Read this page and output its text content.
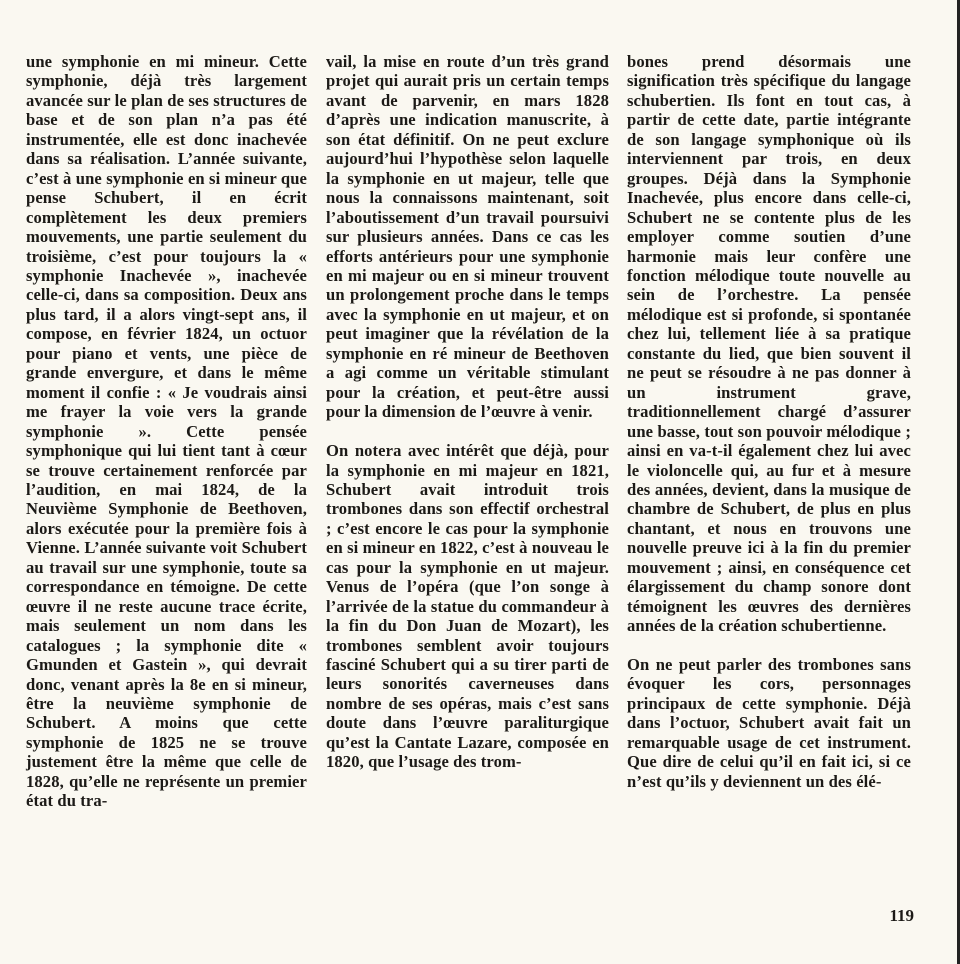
une symphonie en mi mineur. Cette symphonie, déjà très largement avancée sur le plan de ses structures de base et de son plan n’a pas été instrumentée, elle est donc inachevée dans sa réalisation. L’année suivante, c’est à une symphonie en si mineur que pense Schubert, il en écrit complètement les deux premiers mouvements, une partie seulement du troisième, c’est pour toujours la « symphonie Inachevée », inachevée celle-ci, dans sa composition. Deux ans plus tard, il a alors vingt-sept ans, il compose, en février 1824, un octuor pour piano et vents, une pièce de grande envergure, et dans le même moment il confie : « Je voudrais ainsi me frayer la voie vers la grande symphonie ». Cette pensée symphonique qui lui tient tant à cœur se trouve certainement renforcée par l’audition, en mai 1824, de la Neuvième Symphonie de Beethoven, alors exécutée pour la première fois à Vienne. L’année suivante voit Schubert au travail sur une symphonie, toute sa correspondance en témoigne. De cette œuvre il ne reste aucune trace écrite, mais seulement un nom dans les catalogues ; la symphonie dite « Gmunden et Gastein », qui devrait donc, venant après la 8e en si mineur, être la neuvième symphonie de Schubert. A moins que cette symphonie de 1825 ne se trouve justement être la même que celle de 1828, qu’elle ne représente un premier état du tra-

vail, la mise en route d’un très grand projet qui aurait pris un certain temps avant de parvenir, en mars 1828 d’après une indication manuscrite, à son état définitif. On ne peut exclure aujourd’hui l’hypothèse selon laquelle la symphonie en ut majeur, telle que nous la connaissons maintenant, soit l’aboutissement d’un travail poursuivi sur plusieurs années. Dans ce cas les efforts antérieurs pour une symphonie en mi majeur ou en si mineur trouvent un prolongement proche dans le temps avec la symphonie en ut majeur, et on peut imaginer que la révélation de la symphonie en ré mineur de Beethoven a agi comme un véritable stimulant pour la création, et peut-être aussi pour la dimension de l’œuvre à venir.

On notera avec intérêt que déjà, pour la symphonie en mi majeur en 1821, Schubert avait introduit trois trombones dans son effectif orchestral ; c’est encore le cas pour la symphonie en si mineur en 1822, c’est à nouveau le cas pour la symphonie en ut majeur. Venus de l’opéra (que l’on songe à l’arrivée de la statue du commandeur à la fin du Don Juan de Mozart), les trombones semblent avoir toujours fasciné Schubert qui a su tirer parti de leurs sonorités caverneuses dans nombre de ses opéras, mais c’est sans doute dans l’œuvre paraliturgique qu’est la Cantate Lazare, composée en 1820, que l’usage des trom-

bones prend désormais une signification très spécifique du langage schubertien. Ils font en tout cas, à partir de cette date, partie intégrante de son langage symphonique où ils interviennent par trois, en deux groupes. Déjà dans la Symphonie Inachevée, plus encore dans celle-ci, Schubert ne se contente plus de les employer comme soutien d’une harmonie mais leur confère une fonction mélodique toute nouvelle au sein de l’orchestre. La pensée mélodique est si profonde, si spontanée chez lui, tellement liée à sa pratique constante du lied, que bien souvent il ne peut se résoudre à ne pas donner à un instrument grave, traditionnellement chargé d’assurer une basse, tout son pouvoir mélodique ; ainsi en va-t-il également chez lui avec le violoncelle qui, au fur et à mesure des années, devient, dans la musique de chambre de Schubert, de plus en plus chantant, et nous en trouvons une nouvelle preuve ici à la fin du premier mouvement ; ainsi, en conséquence cet élargissement du champ sonore dont témoignent les œuvres des dernières années de la création schubertienne.

On ne peut parler des trombones sans évoquer les cors, personnages principaux de cette symphonie. Déjà dans l’octuor, Schubert avait fait un remarquable usage de cet instrument. Que dire de celui qu’il en fait ici, si ce n’est qu’ils y deviennent un des élé-

119
